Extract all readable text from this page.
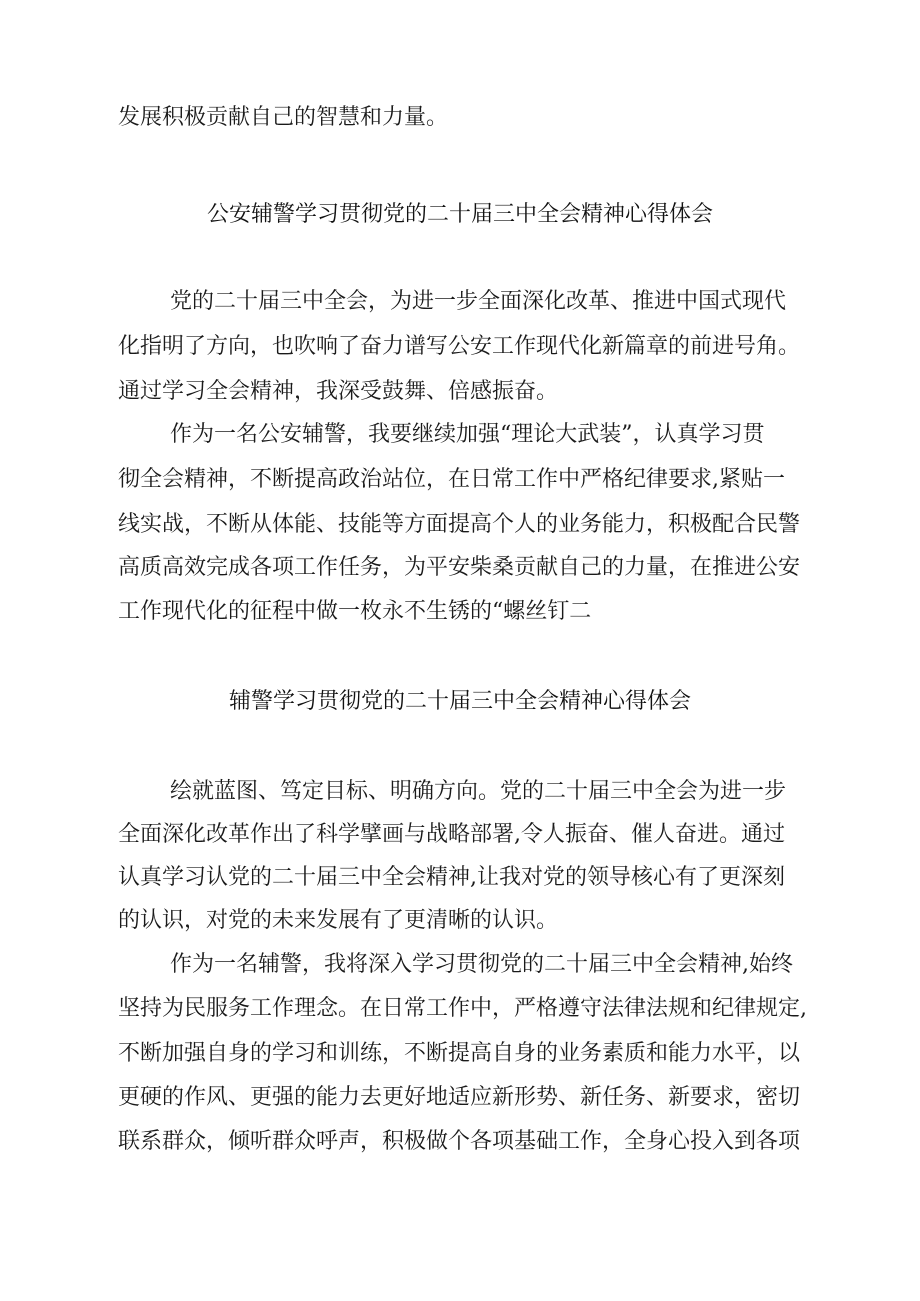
发展积极贡献自己的智慧和力量。
公安辅警学习贯彻党的二十届三中全会精神心得体会
党的二十届三中全会，为进一步全面深化改革、推进中国式现代
化指明了方向，也吹响了奋力谱写公安工作现代化新篇章的前进号角。
通过学习全会精神，我深受鼓舞、倍感振奋。
作为一名公安辅警，我要继续加强“理论大武装”，认真学习贯
彻全会精神，不断提高政治站位，在日常工作中严格纪律要求,紧贴一
线实战，不断从体能、技能等方面提高个人的业务能力，积极配合民警
高质高效完成各项工作任务，为平安柴桑贡献自己的力量，在推进公安
工作现代化的征程中做一枚永不生锈的“螺丝钉二
辅警学习贯彻党的二十届三中全会精神心得体会
绘就蓝图、笃定目标、明确方向。党的二十届三中全会为进一步
全面深化改革作出了科学擘画与战略部署,令人振奋、催人奋进。通过
认真学习认党的二十届三中全会精神,让我对党的领导核心有了更深刻
的认识，对党的未来发展有了更清晰的认识。
作为一名辅警，我将深入学习贯彻党的二十届三中全会精神,始终
坚持为民服务工作理念。在日常工作中，严格遵守法律法规和纪律规定,
不断加强自身的学习和训练，不断提高自身的业务素质和能力水平，以
更硬的作风、更强的能力去更好地适应新形势、新任务、新要求，密切
联系群众，倾听群众呼声，积极做个各项基础工作，全身心投入到各项
